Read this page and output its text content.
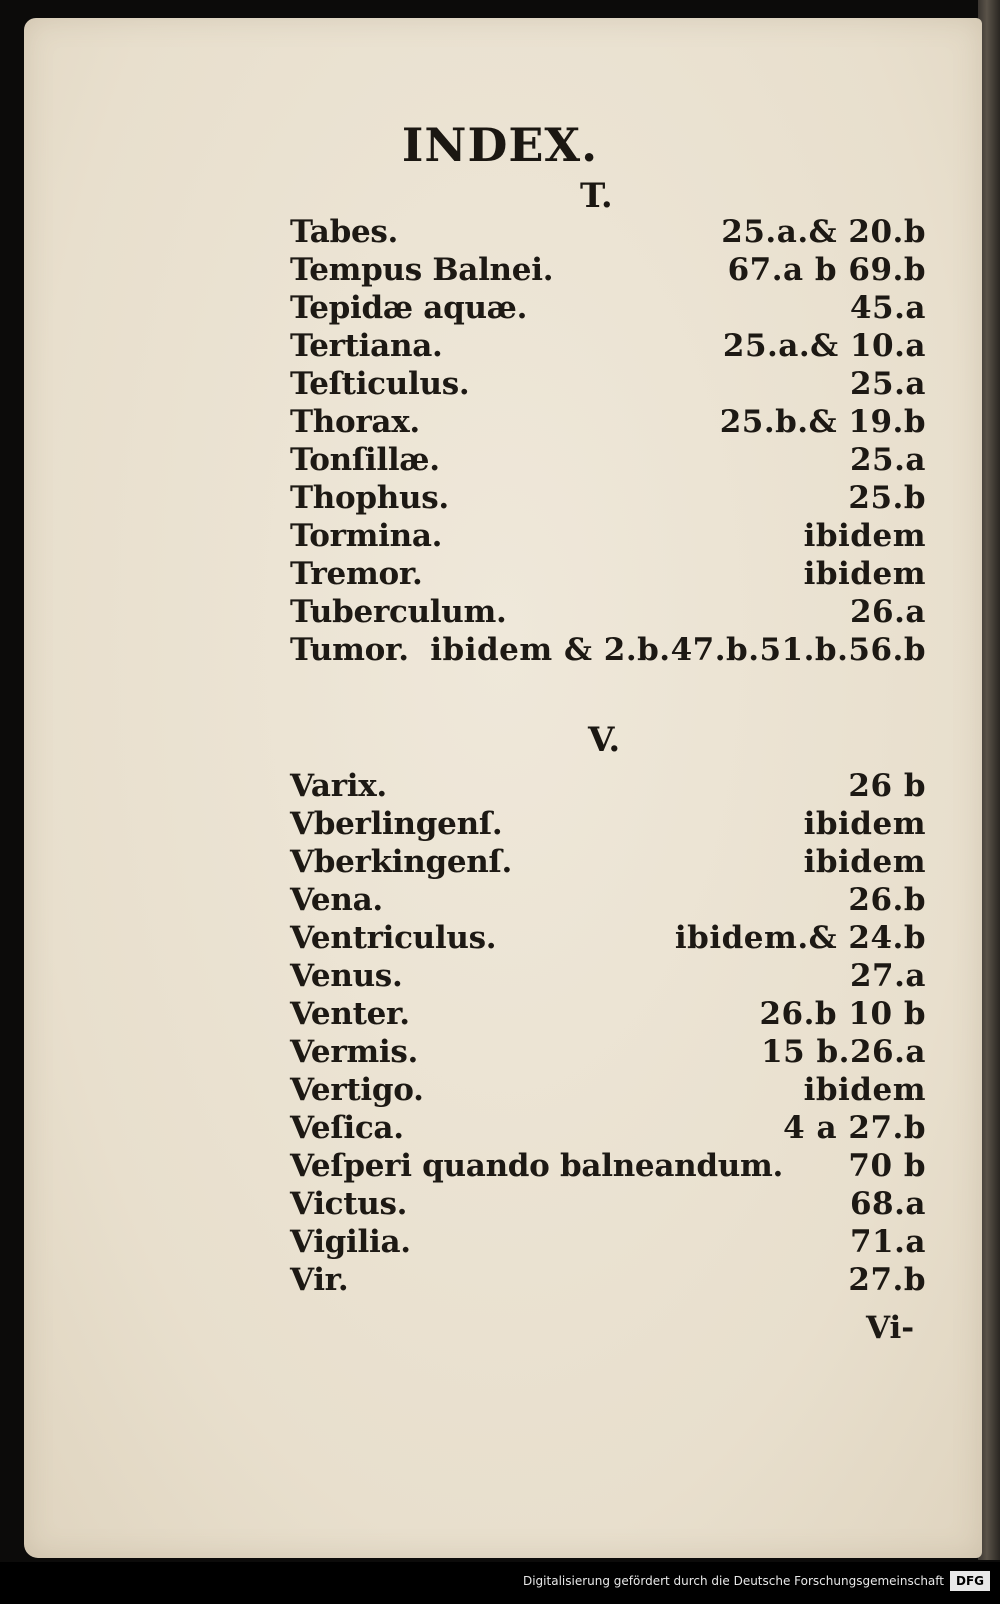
INDEX.
T.
Tabes.	25.a.& 20.b
Tempus Balnei.	67.a b 69.b
Tepidæ aquæ.	45.a
Tertiana.	25.a.& 10.a
Teſticulus.	25.a
Thorax.	25.b.& 19.b
Tonſillæ.	25.a
Thophus.	25.b
Tormina.	ibidem
Tremor.	ibidem
Tuberculum.	26.a
Tumor. ibidem & 2.b.47.b.51.b.56.b
V.
Varix.	26 b
Vberlingenſ.	ibidem
Vberkingenſ.	ibidem
Vena.	26.b
Ventriculus.	ibidem.& 24.b
Venus.	27.a
Venter.	26.b 10 b
Vermis.	15 b.26.a
Vertigo.	ibidem
Veſica.	4 a 27.b
Veſperi quando balneandum. 70 b
Victus.	68.a
Vigilia.	71.a
Vir.	27.b
Vi-
Digitalisierung gefördert durch die Deutsche Forschungsgemeinschaft DFG
